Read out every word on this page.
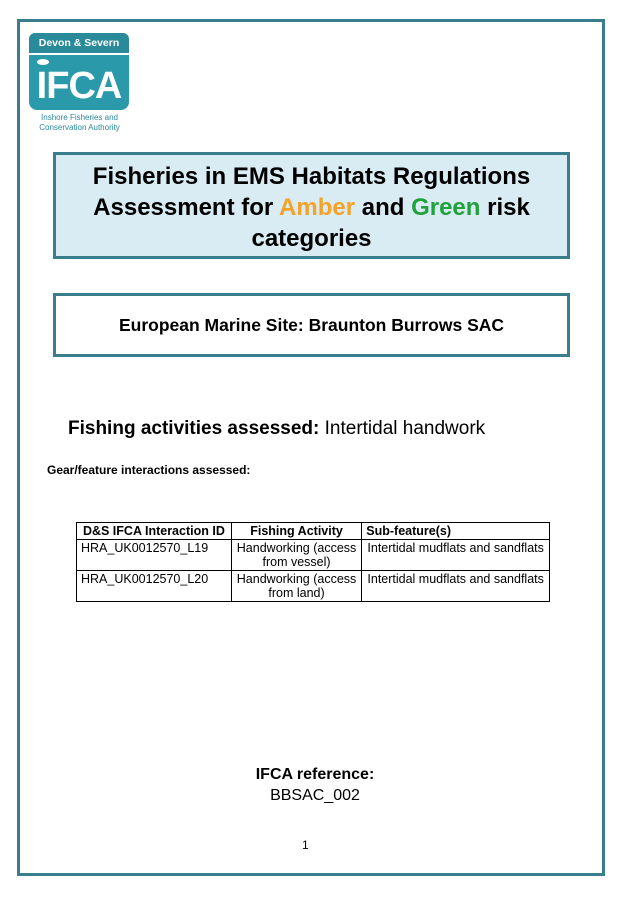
Devon & Severn
IFCA
Inshore Fisheries and
Conservation Authority
Fisheries in EMS Habitats Regulations
Assessment for Amber and Green risk
categories
European Marine Site: Braunton Burrows SAC
Fishing activities assessed: Intertidal handwork
Gear/feature interactions assessed:
D&S IFCA Interaction ID	Fishing Activity	Sub-feature(s)
HRA_UK0012570_L19	Handworking (access from vessel)	Intertidal mudflats and sandflats
HRA_UK0012570_L20	Handworking (access from land)	Intertidal mudflats and sandflats
IFCA reference:
BBSAC_002
1
